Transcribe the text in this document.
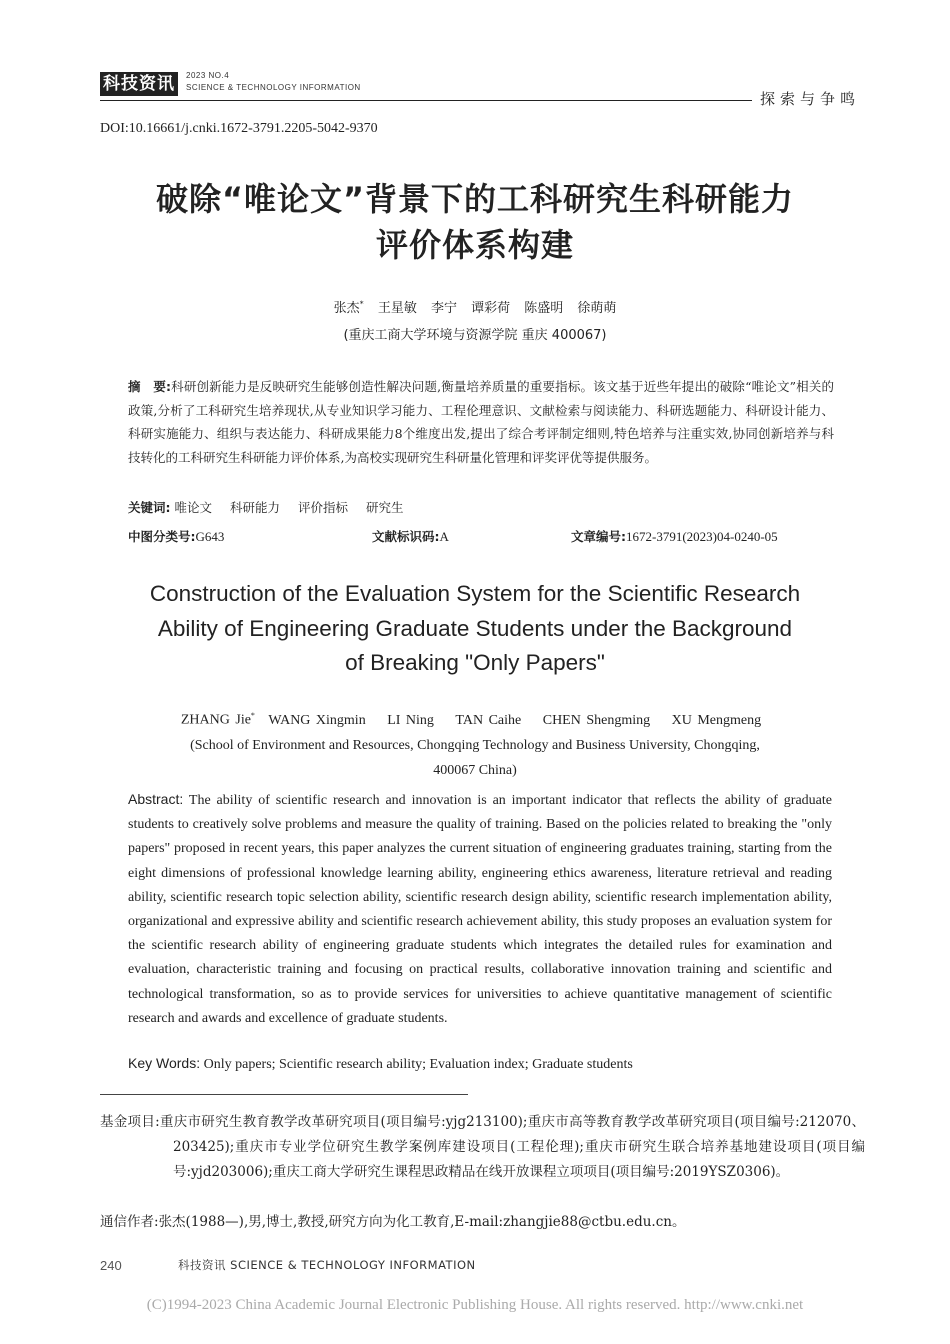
科技资讯	2023 NO.4
SCIENCE & TECHNOLOGY INFORMATION
探索与争鸣
DOI:10.16661/j.cnki.1672-3791.2205-5042-9370
破除“唯论文”背景下的工科研究生科研能力
评价体系构建
张杰* 王星敏 李宁 谭彩荷 陈盛明 徐萌萌
(重庆工商大学环境与资源学院 重庆 400067)
摘　要:科研创新能力是反映研究生能够创造性解决问题,衡量培养质量的重要指标。该文基于近些年提出的破除“唯论文”相关的政策,分析了工科研究生培养现状,从专业知识学习能力、工程伦理意识、文献检索与阅读能力、科研选题能力、科研设计能力、科研实施能力、组织与表达能力、科研成果能力8个维度出发,提出了综合考评制定细则,特色培养与注重实效,协同创新培养与科技转化的工科研究生科研能力评价体系,为高校实现研究生科研量化管理和评奖评优等提供服务。
关键词: 唯论文 科研能力 评价指标 研究生
中图分类号:G643	文献标识码:A	文章编号:1672-3791(2023)04-0240-05
Construction of the Evaluation System for the Scientific Research
Ability of Engineering Graduate Students under the Background
of Breaking "Only Papers"
ZHANG Jie* WANG Xingmin LI Ning TAN Caihe CHEN Shengming XU Mengmeng
(School of Environment and Resources, Chongqing Technology and Business University, Chongqing,
400067 China)
Abstract: The ability of scientific research and innovation is an important indicator that reflects the ability of graduate students to creatively solve problems and measure the quality of training. Based on the policies related to breaking the "only papers" proposed in recent years, this paper analyzes the current situation of engineering graduates training, starting from the eight dimensions of professional knowledge learning ability, engineering ethics awareness, literature retrieval and reading ability, scientific research topic selection ability, scientific research design ability, scientific research implementation ability, organizational and expressive ability and scientific research achievement ability, this study proposes an evaluation system for the scientific research ability of engineering graduate students which integrates the detailed rules for examination and evaluation, characteristic training and focusing on practical results, collaborative innovation training and scientific and technological transformation, so as to provide services for universities to achieve quantitative management of scientific research and awards and excellence of graduate students.
Key Words: Only papers; Scientific research ability; Evaluation index; Graduate students
基金项目:重庆市研究生教育教学改革研究项目(项目编号:yjg213100);重庆市高等教育教学改革研究项目(项目编号:212070、203425);重庆市专业学位研究生教学案例库建设项目(工程伦理);重庆市研究生联合培养基地建设项目(项目编号:yjd203006);重庆工商大学研究生课程思政精品在线开放课程立项项目(项目编号:2019YSZ0306)。
通信作者:张杰(1988—),男,博士,教授,研究方向为化工教育,E-mail:zhangjie88@ctbu.edu.cn。
240	科技资讯 SCIENCE & TECHNOLOGY INFORMATION
(C)1994-2023 China Academic Journal Electronic Publishing House. All rights reserved. http://www.cnki.net
